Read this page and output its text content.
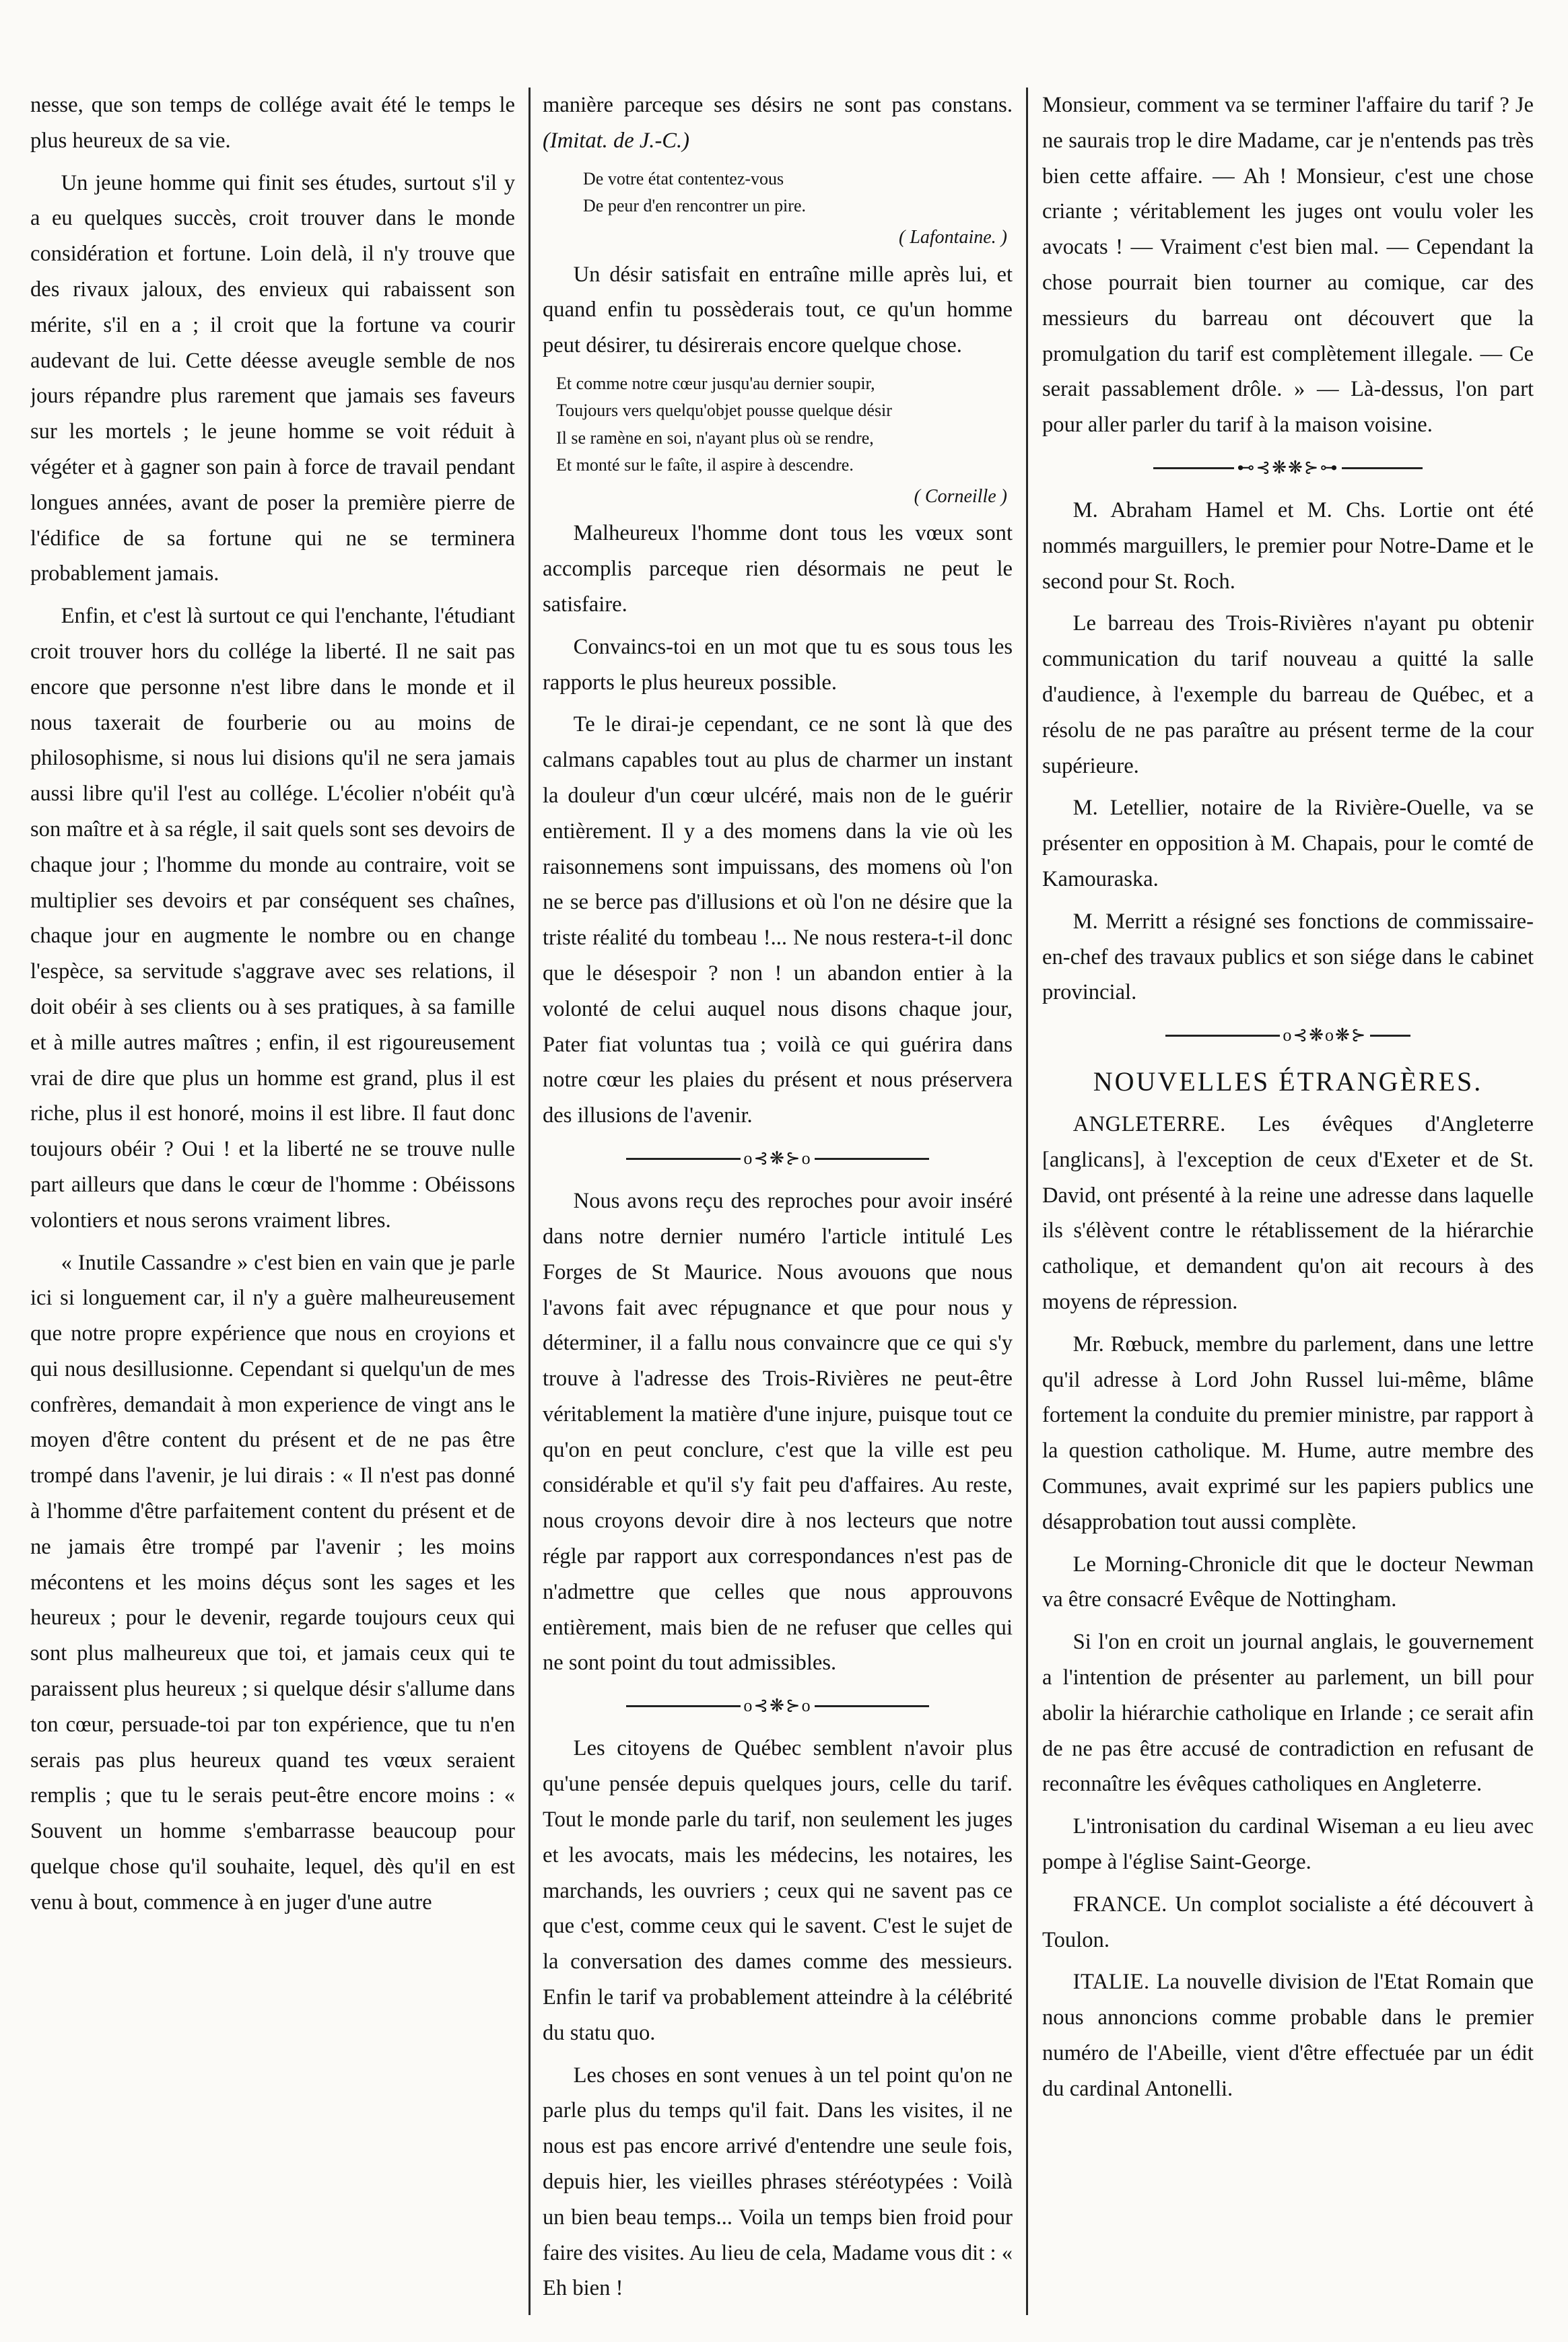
nesse, que son temps de collége avait été le temps le plus heureux de sa vie.

Un jeune homme qui finit ses études, surtout s'il y a eu quelques succès, croit trouver dans le monde considération et fortune. Loin delà, il n'y trouve que des rivaux jaloux, des envieux qui rabaissent son mérite, s'il en a ; il croit que la fortune va courir audevant de lui. Cette déesse aveugle semble de nos jours répandre plus rarement que jamais ses faveurs sur les mortels ; le jeune homme se voit réduit à végéter et à gagner son pain à force de travail pendant longues années, avant de poser la première pierre de l'édifice de sa fortune qui ne se terminera probablement jamais.

Enfin, et c'est là surtout ce qui l'enchante, l'étudiant croit trouver hors du collége la liberté. Il ne sait pas encore que personne n'est libre dans le monde et il nous taxerait de fourberie ou au moins de philosophisme, si nous lui disions qu'il ne sera jamais aussi libre qu'il l'est au collége. L'écolier n'obéit qu'à son maître et à sa régle, il sait quels sont ses devoirs de chaque jour ; l'homme du monde au contraire, voit se multiplier ses devoirs et par conséquent ses chaînes, chaque jour en augmente le nombre ou en change l'espèce, sa servitude s'aggrave avec ses relations, il doit obéir à ses clients ou à ses pratiques, à sa famille et à mille autres maîtres ; enfin, il est rigoureusement vrai de dire que plus un homme est grand, plus il est riche, plus il est honoré, moins il est libre. Il faut donc toujours obéir ? Oui ! et la liberté ne se trouve nulle part ailleurs que dans le cœur de l'homme : Obéissons volontiers et nous serons vraiment libres.

« Inutile Cassandre » c'est bien en vain que je parle ici si longuement car, il n'y a guère malheureusement que notre propre expérience que nous en croyions et qui nous desillusionne. Cependant si quelqu'un de mes confrères, demandait à mon experience de vingt ans le moyen d'être content du présent et de ne pas être trompé dans l'avenir, je lui dirais : « Il n'est pas donné à l'homme d'être parfaitement content du présent et de ne jamais être trompé par l'avenir ; les moins mécontens et les moins déçus sont les sages et les heureux ; pour le devenir, regarde toujours ceux qui sont plus malheureux que toi, et jamais ceux qui te paraissent plus heureux ; si quelque désir s'allume dans ton cœur, persuade-toi par ton expérience, que tu n'en serais pas plus heureux quand tes vœux seraient remplis ; que tu le serais peut-être encore moins : « Souvent un homme s'embarrasse beaucoup pour quelque chose qu'il souhaite, lequel, dès qu'il en est venu à bout, commence à en juger d'une autre

manière parceque ses désirs ne sont pas constans. (Imitat. de J.-C.)

De votre état contentez-vous
De peur d'en rencontrer un pire.

( Lafontaine. )

Un désir satisfait en entraîne mille après lui, et quand enfin tu possèderais tout, ce qu'un homme peut désirer, tu désirerais encore quelque chose.

Et comme notre cœur jusqu'au dernier soupir,
Toujours vers quelqu'objet pousse quelque désir
Il se ramène en soi, n'ayant plus où se rendre,
Et monté sur le faîte, il aspire à descendre.

( Corneille )

Malheureux l'homme dont tous les vœux sont accomplis parceque rien désormais ne peut le satisfaire.

Convaincs-toi en un mot que tu es sous tous les rapports le plus heureux possible.

Te le dirai-je cependant, ce ne sont là que des calmans capables tout au plus de charmer un instant la douleur d'un cœur ulcéré, mais non de le guérir entièrement. Il y a des momens dans la vie où les raisonnemens sont impuissans, des momens où l'on ne se berce pas d'illusions et où l'on ne désire que la triste réalité du tombeau !... Ne nous restera-t-il donc que le désespoir ? non ! un abandon entier à la volonté de celui auquel nous disons chaque jour, Pater fiat voluntas tua ; voilà ce qui guérira dans notre cœur les plaies du présent et nous préservera des illusions de l'avenir.

o⊰❋⊱o

Nous avons reçu des reproches pour avoir inséré dans notre dernier numéro l'article intitulé Les Forges de St Maurice. Nous avouons que nous l'avons fait avec répugnance et que pour nous y déterminer, il a fallu nous convaincre que ce qui s'y trouve à l'adresse des Trois-Rivières ne peut-être véritablement la matière d'une injure, puisque tout ce qu'on en peut conclure, c'est que la ville est peu considérable et qu'il s'y fait peu d'affaires. Au reste, nous croyons devoir dire à nos lecteurs que notre régle par rapport aux correspondances n'est pas de n'admettre que celles que nous approuvons entièrement, mais bien de ne refuser que celles qui ne sont point du tout admissibles.

o⊰❋⊱o

Les citoyens de Québec semblent n'avoir plus qu'une pensée depuis quelques jours, celle du tarif. Tout le monde parle du tarif, non seulement les juges et les avocats, mais les médecins, les notaires, les marchands, les ouvriers ; ceux qui ne savent pas ce que c'est, comme ceux qui le savent. C'est le sujet de la conversation des dames comme des messieurs. Enfin le tarif va probablement atteindre à la célébrité du statu quo.

Les choses en sont venues à un tel point qu'on ne parle plus du temps qu'il fait. Dans les visites, il ne nous est pas encore arrivé d'entendre une seule fois, depuis hier, les vieilles phrases stéréotypées : Voilà un bien beau temps... Voila un temps bien froid pour faire des visites. Au lieu de cela, Madame vous dit : « Eh bien !

Monsieur, comment va se terminer l'affaire du tarif ? Je ne saurais trop le dire Madame, car je n'entends pas très bien cette affaire. — Ah ! Monsieur, c'est une chose criante ; véritablement les juges ont voulu voler les avocats ! — Vraiment c'est bien mal. — Cependant la chose pourrait bien tourner au comique, car des messieurs du barreau ont découvert que la promulgation du tarif est complètement illegale. — Ce serait passablement drôle. » — Là-dessus, l'on part pour aller parler du tarif à la maison voisine.

⊷⊰❋❋⊱⊶

M. Abraham Hamel et M. Chs. Lortie ont été nommés marguillers, le premier pour Notre-Dame et le second pour St. Roch.

Le barreau des Trois-Rivières n'ayant pu obtenir communication du tarif nouveau a quitté la salle d'audience, à l'exemple du barreau de Québec, et a résolu de ne pas paraître au présent terme de la cour supérieure.

M. Letellier, notaire de la Rivière-Ouelle, va se présenter en opposition à M. Chapais, pour le comté de Kamouraska.

M. Merritt a résigné ses fonctions de commissaire-en-chef des travaux publics et son siége dans le cabinet provincial.

o⊰❋o❋⊱
NOUVELLES ÉTRANGÈRES.

ANGLETERRE. Les évêques d'Angleterre [anglicans], à l'exception de ceux d'Exeter et de St. David, ont présenté à la reine une adresse dans laquelle ils s'élèvent contre le rétablissement de la hiérarchie catholique, et demandent qu'on ait recours à des moyens de répression.

Mr. Rœbuck, membre du parlement, dans une lettre qu'il adresse à Lord John Russel lui-même, blâme fortement la conduite du premier ministre, par rapport à la question catholique. M. Hume, autre membre des Communes, avait exprimé sur les papiers publics une désapprobation tout aussi complète.

Le Morning-Chronicle dit que le docteur Newman va être consacré Evêque de Nottingham.

Si l'on en croit un journal anglais, le gouvernement a l'intention de présenter au parlement, un bill pour abolir la hiérarchie catholique en Irlande ; ce serait afin de ne pas être accusé de contradiction en refusant de reconnaître les évêques catholiques en Angleterre.

L'intronisation du cardinal Wiseman a eu lieu avec pompe à l'église Saint-George.

FRANCE. Un complot socialiste a été découvert à Toulon.

ITALIE. La nouvelle division de l'Etat Romain que nous annoncions comme probable dans le premier numéro de l'Abeille, vient d'être effectuée par un édit du cardinal Antonelli.
